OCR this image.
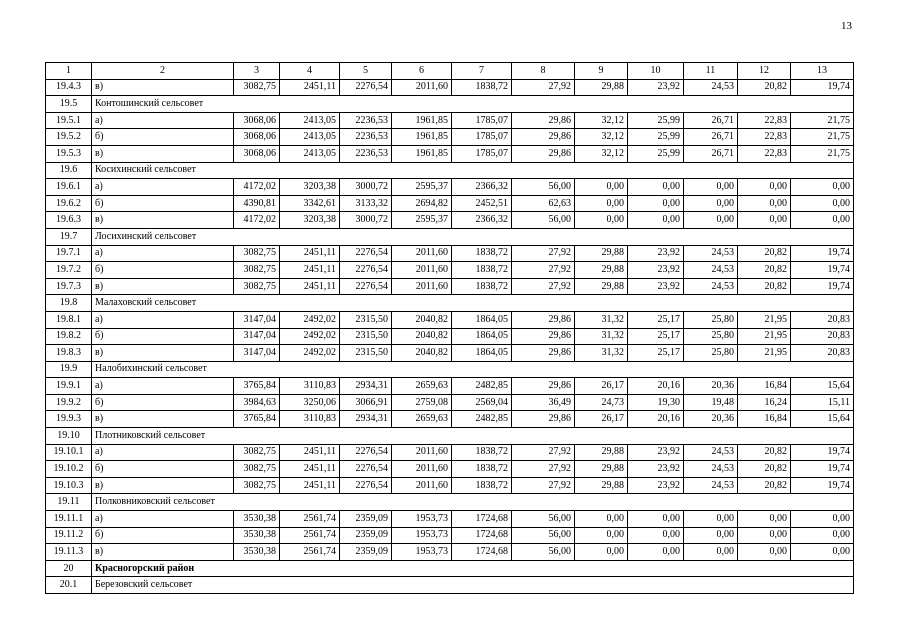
13
1	2	3	4	5	6	7	8	9	10	11	12	13
19.4.3	в)	3082,75	2451,11	2276,54	2011,60	1838,72	27,92	29,88	23,92	24,53	20,82	19,74
19.5	Контошинский сельсовет											
19.5.1	а)	3068,06	2413,05	2236,53	1961,85	1785,07	29,86	32,12	25,99	26,71	22,83	21,75
19.5.2	б)	3068,06	2413,05	2236,53	1961,85	1785,07	29,86	32,12	25,99	26,71	22,83	21,75
19.5.3	в)	3068,06	2413,05	2236,53	1961,85	1785,07	29,86	32,12	25,99	26,71	22,83	21,75
19.6	Косихинский сельсовет											
19.6.1	а)	4172,02	3203,38	3000,72	2595,37	2366,32	56,00	0,00	0,00	0,00	0,00	0,00
19.6.2	б)	4390,81	3342,61	3133,32	2694,82	2452,51	62,63	0,00	0,00	0,00	0,00	0,00
19.6.3	в)	4172,02	3203,38	3000,72	2595,37	2366,32	56,00	0,00	0,00	0,00	0,00	0,00
19.7	Лосихинский сельсовет											
19.7.1	а)	3082,75	2451,11	2276,54	2011,60	1838,72	27,92	29,88	23,92	24,53	20,82	19,74
19.7.2	б)	3082,75	2451,11	2276,54	2011,60	1838,72	27,92	29,88	23,92	24,53	20,82	19,74
19.7.3	в)	3082,75	2451,11	2276,54	2011,60	1838,72	27,92	29,88	23,92	24,53	20,82	19,74
19.8	Малаховский сельсовет											
19.8.1	а)	3147,04	2492,02	2315,50	2040,82	1864,05	29,86	31,32	25,17	25,80	21,95	20,83
19.8.2	б)	3147,04	2492,02	2315,50	2040,82	1864,05	29,86	31,32	25,17	25,80	21,95	20,83
19.8.3	в)	3147,04	2492,02	2315,50	2040,82	1864,05	29,86	31,32	25,17	25,80	21,95	20,83
19.9	Налобихинский сельсовет											
19.9.1	а)	3765,84	3110,83	2934,31	2659,63	2482,85	29,86	26,17	20,16	20,36	16,84	15,64
19.9.2	б)	3984,63	3250,06	3066,91	2759,08	2569,04	36,49	24,73	19,30	19,48	16,24	15,11
19.9.3	в)	3765,84	3110,83	2934,31	2659,63	2482,85	29,86	26,17	20,16	20,36	16,84	15,64
19.10	Плотниковский сельсовет											
19.10.1	а)	3082,75	2451,11	2276,54	2011,60	1838,72	27,92	29,88	23,92	24,53	20,82	19,74
19.10.2	б)	3082,75	2451,11	2276,54	2011,60	1838,72	27,92	29,88	23,92	24,53	20,82	19,74
19.10.3	в)	3082,75	2451,11	2276,54	2011,60	1838,72	27,92	29,88	23,92	24,53	20,82	19,74
19.11	Полковниковский сельсовет											
19.11.1	а)	3530,38	2561,74	2359,09	1953,73	1724,68	56,00	0,00	0,00	0,00	0,00	0,00
19.11.2	б)	3530,38	2561,74	2359,09	1953,73	1724,68	56,00	0,00	0,00	0,00	0,00	0,00
19.11.3	в)	3530,38	2561,74	2359,09	1953,73	1724,68	56,00	0,00	0,00	0,00	0,00	0,00
20	Красногорский район											
20.1	Березовский сельсовет											
